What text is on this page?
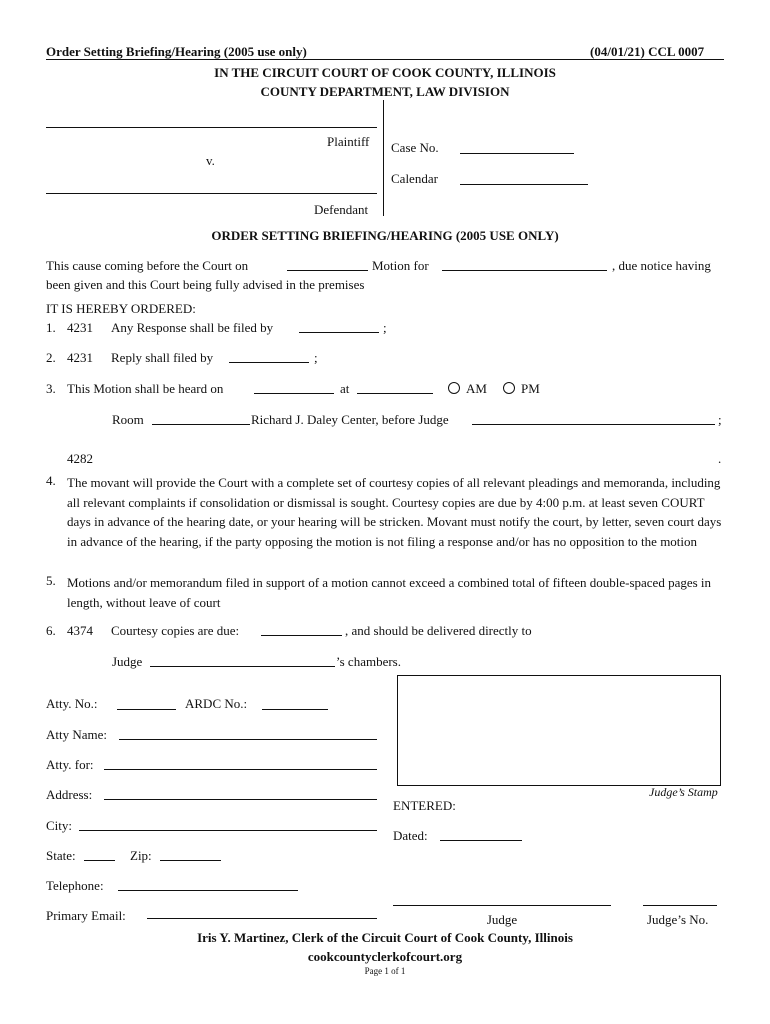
Order Setting Briefing/Hearing (2005 use only)	(04/01/21) CCL 0007
IN THE CIRCUIT COURT OF COOK COUNTY, ILLINOIS
COUNTY DEPARTMENT, LAW DIVISION
Plaintiff
v.
Defendant
Case No.
Calendar
ORDER SETTING BRIEFING/HEARING (2005 USE ONLY)
This cause coming before the Court on	Motion for	, due notice having
been given and this Court being fully advised in the premises
IT IS HEREBY ORDERED:
1. 4231 Any Response shall be filed by	;
2. 4231 Reply shall filed by	;
3. This Motion shall be heard on	at	AM	PM
Room	Richard J. Daley Center, before Judge	;
4282	.
4. The movant will provide the Court with a complete set of courtesy copies of all relevant pleadings and memoranda, including all relevant complaints if consolidation or dismissal is sought. Courtesy copies are due by 4:00 p.m. at least seven COURT days in advance of the hearing date, or your hearing will be stricken. Movant must notify the court, by letter, seven court days in advance of the hearing, if the party opposing the motion is not filing a response and/or has no opposition to the motion
5. Motions and/or memorandum filed in support of a motion cannot exceed a combined total of fifteen double-spaced pages in length, without leave of court
6. 4374 Courtesy copies are due:	, and should be delivered directly to
Judge	’s chambers.
Atty. No.:	ARDC No.:
Atty Name:
Atty. for:
Address:
City:
State:	Zip:
Telephone:
Primary Email:
Judge’s Stamp
ENTERED:
Dated:
Judge	Judge’s No.
Iris Y. Martinez, Clerk of the Circuit Court of Cook County, Illinois
cookcountyclerkofcourt.org
Page 1 of 1
